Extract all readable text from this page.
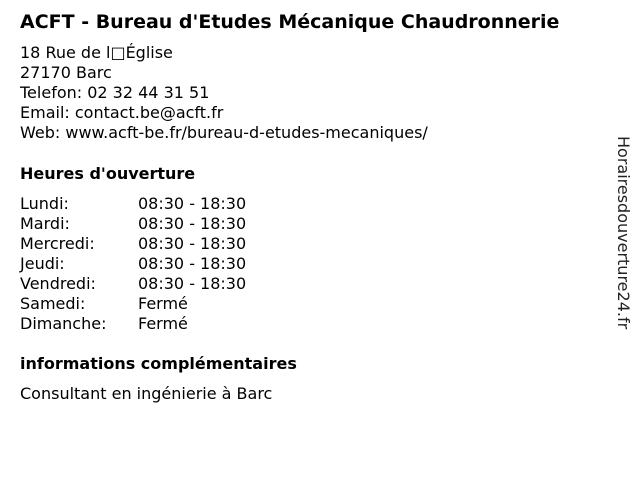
ACFT - Bureau d'Etudes Mécanique Chaudronnerie
18 Rue de l□Église
27170 Barc
Telefon: 02 32 44 31 51
Email: contact.be@acft.fr
Web: www.acft-be.fr/bureau-d-etudes-mecaniques/
Heures d'ouverture
Lundi:	08:30 - 18:30
Mardi:	08:30 - 18:30
Mercredi:	08:30 - 18:30
Jeudi:	08:30 - 18:30
Vendredi:	08:30 - 18:30
Samedi:	Fermé
Dimanche:	Fermé
informations complémentaires
Consultant en ingénierie à Barc
Horairesdouverture24.fr
